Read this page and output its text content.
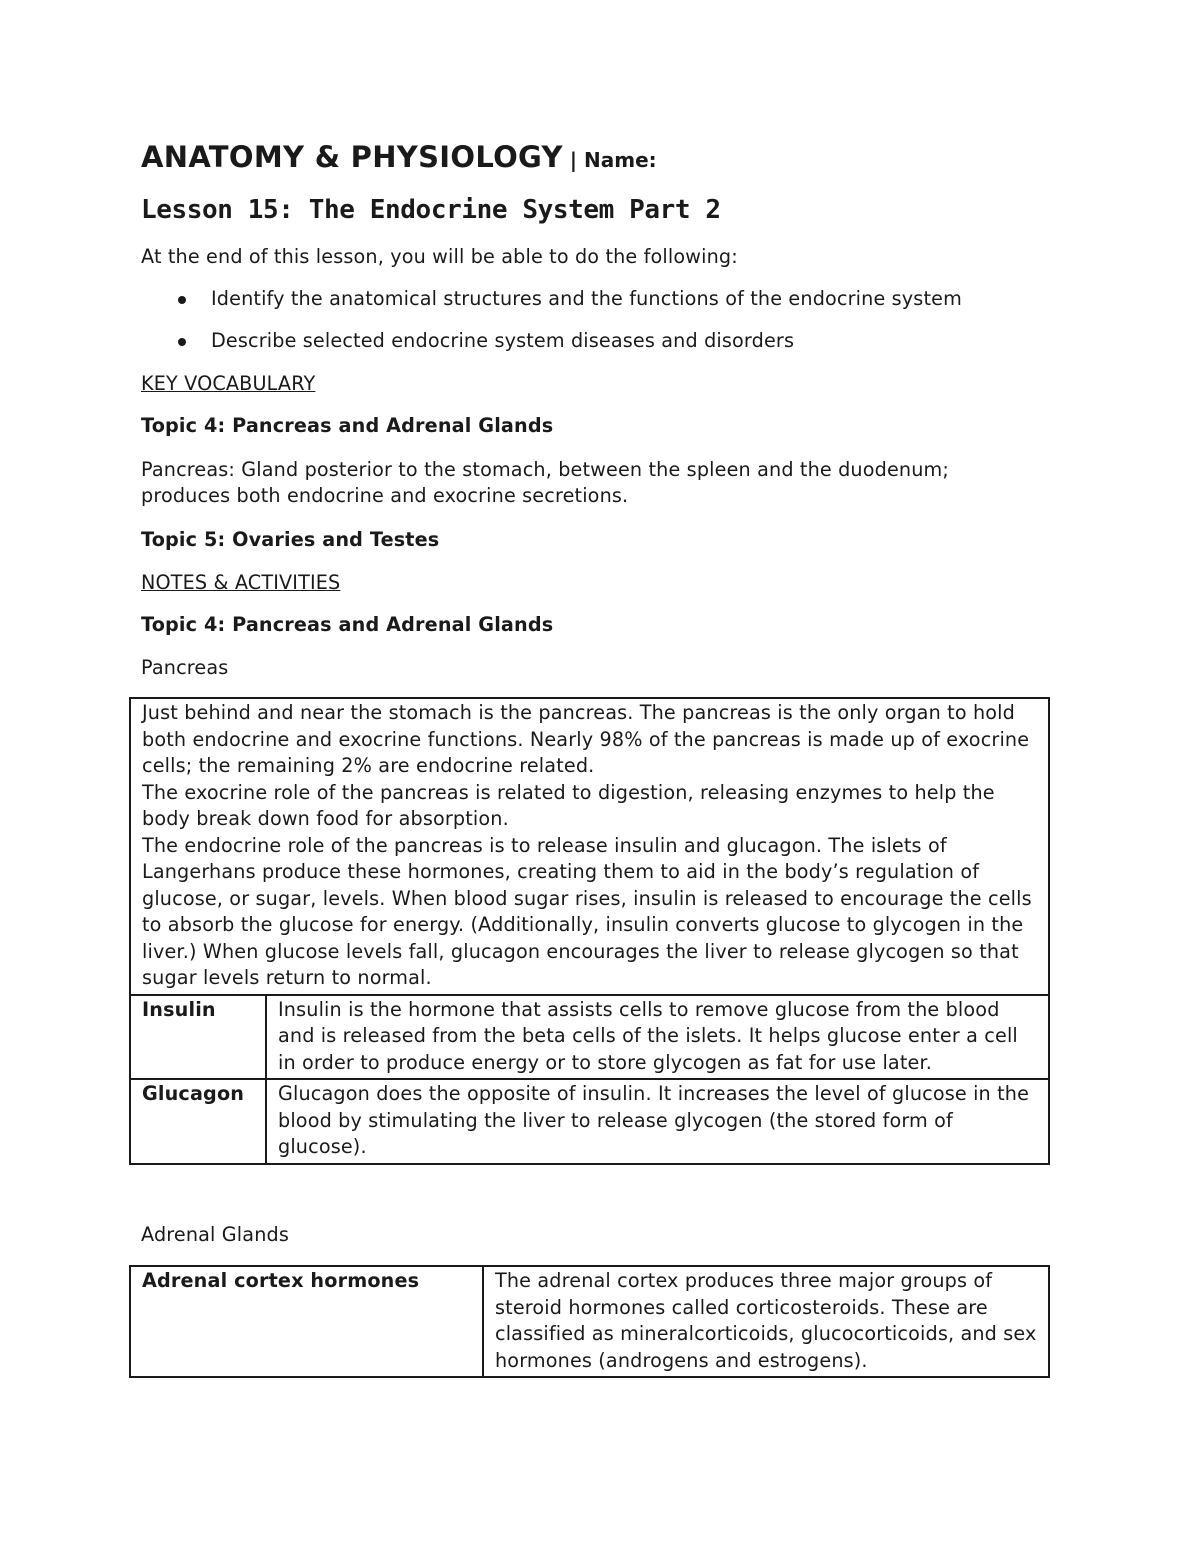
ANATOMY & PHYSIOLOGY | Name:
Lesson 15: The Endocrine System Part 2
At the end of this lesson, you will be able to do the following:
Identify the anatomical structures and the functions of the endocrine system
Describe selected endocrine system diseases and disorders
KEY VOCABULARY
Topic 4: Pancreas and Adrenal Glands
Pancreas: Gland posterior to the stomach, between the spleen and the duodenum;
produces both endocrine and exocrine secretions.
Topic 5: Ovaries and Testes
NOTES & ACTIVITIES
Topic 4: Pancreas and Adrenal Glands
Pancreas
Just behind and near the stomach is the pancreas. The pancreas is the only organ to hold both endocrine and exocrine functions. Nearly 98% of the pancreas is made up of exocrine cells; the remaining 2% are endocrine related.
The exocrine role of the pancreas is related to digestion, releasing enzymes to help the body break down food for absorption.
The endocrine role of the pancreas is to release insulin and glucagon. The islets of Langerhans produce these hormones, creating them to aid in the body’s regulation of glucose, or sugar, levels. When blood sugar rises, insulin is released to encourage the cells to absorb the glucose for energy. (Additionally, insulin converts glucose to glycogen in the liver.) When glucose levels fall, glucagon encourages the liver to release glycogen so that sugar levels return to normal.	

Insulin	Insulin is the hormone that assists cells to remove glucose from the blood and is released from the beta cells of the islets. It helps glucose enter a cell in order to produce energy or to store glycogen as fat for use later.
Glucagon	Glucagon does the opposite of insulin. It increases the level of glucose in the blood by stimulating the liver to release glycogen (the stored form of glucose).
Adrenal Glands
Adrenal cortex hormones	The adrenal cortex produces three major groups of steroid hormones called corticosteroids. These are classified as mineralcorticoids, glucocorticoids, and sex hormones (androgens and estrogens).
